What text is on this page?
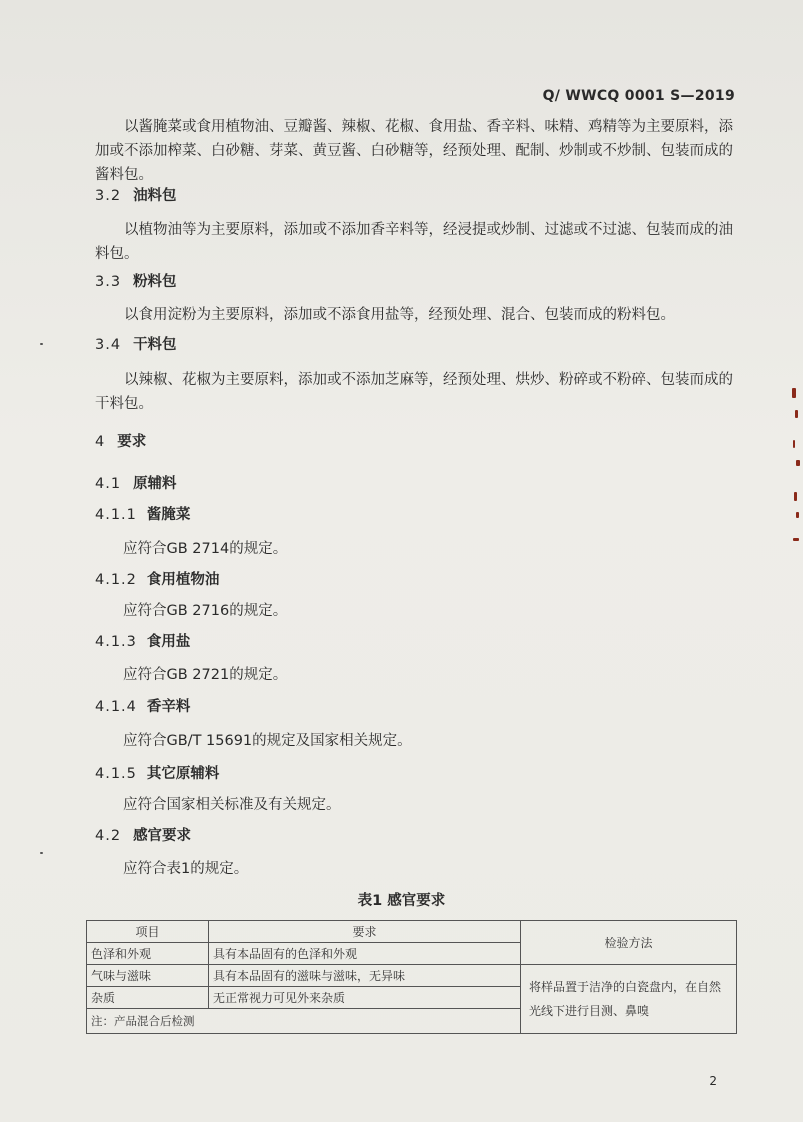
Q/ WWCQ 0001 S—2019
以酱腌菜或食用植物油、豆瓣酱、辣椒、花椒、食用盐、香辛料、味精、鸡精等为主要原料，添加或不添加榨菜、白砂糖、芽菜、黄豆酱、白砂糖等，经预处理、配制、炒制或不炒制、包装而成的酱料包。
3.2 油料包
以植物油等为主要原料，添加或不添加香辛料等，经浸提或炒制、过滤或不过滤、包装而成的油料包。
3.3 粉料包
以食用淀粉为主要原料，添加或不添食用盐等，经预处理、混合、包装而成的粉料包。
3.4 干料包
以辣椒、花椒为主要原料，添加或不添加芝麻等，经预处理、烘炒、粉碎或不粉碎、包装而成的干料包。
4 要求
4.1 原辅料
4.1.1 酱腌菜
应符合GB 2714的规定。
4.1.2 食用植物油
应符合GB 2716的规定。
4.1.3 食用盐
应符合GB 2721的规定。
4.1.4 香辛料
应符合GB/T 15691的规定及国家相关规定。
4.1.5 其它原辅料
应符合国家相关标准及有关规定。
4.2 感官要求
应符合表1的规定。
表1 感官要求
项目	要求	检验方法
色泽和外观	具有本品固有的色泽和外观	
气味与滋味	具有本品固有的滋味与滋味，无异味	将样品置于洁净的白瓷盘内，在自然光线下进行目测、鼻嗅
杂质	无正常视力可见外来杂质	
注：产品混合后检测		
2
